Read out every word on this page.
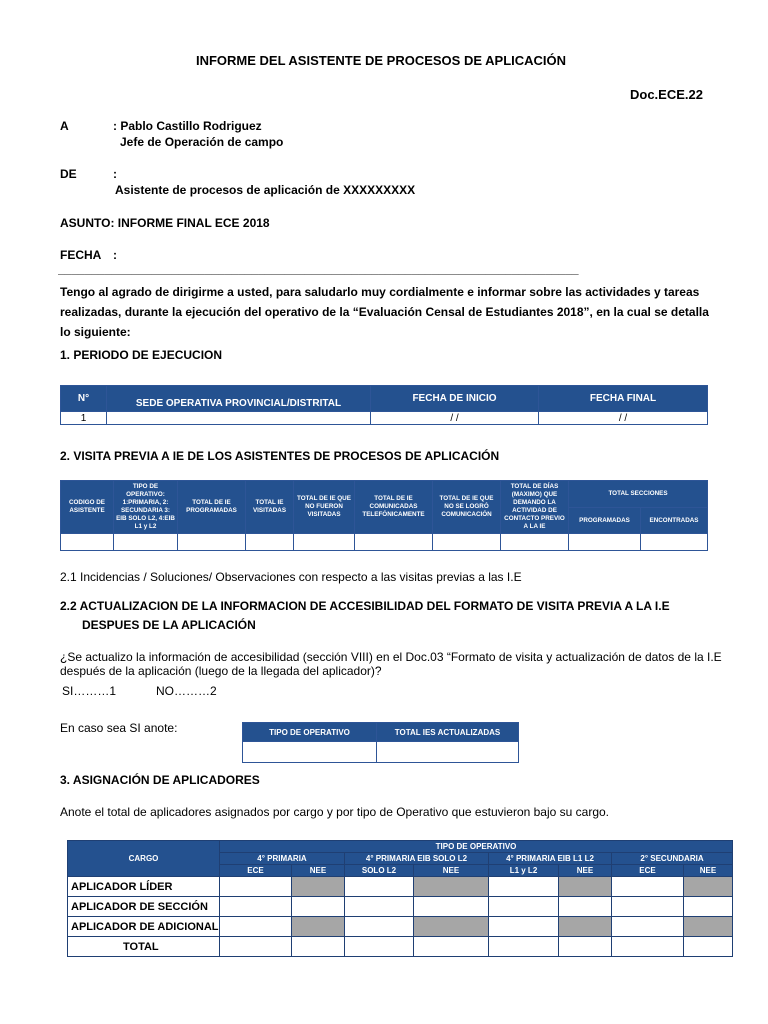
INFORME DEL ASISTENTE DE PROCESOS DE APLICACIÓN
Doc.ECE.22
A	: Pablo Castillo Rodriguez
Jefe de Operación de campo
DE	:
Asistente de procesos de aplicación de XXXXXXXXX
ASUNTO: INFORME FINAL ECE 2018
FECHA :
______________________________________________________________________________
Tengo al agrado de dirigirme a usted, para saludarlo muy cordialmente e informar sobre las actividades y tareas realizadas, durante la ejecución del operativo de la “Evaluación Censal de Estudiantes 2018”, en la cual se detalla lo siguiente:
1. PERIODO DE EJECUCION
N°	SEDE OPERATIVA PROVINCIAL/DISTRITAL	FECHA DE INICIO	FECHA FINAL
1		/ /	/ /
2. VISITA PREVIA A IE DE LOS ASISTENTES DE PROCESOS DE APLICACIÓN
CODIGO DE ASISTENTE	TIPO DE OPERATIVO: 1:PRIMARIA, 2: SECUNDARIA 3: EIB SOLO L2, 4:EIB L1 y L2	TOTAL DE IE PROGRAMADAS	TOTAL IE VISITADAS	TOTAL DE IE QUE NO FUERON VISITADAS	TOTAL DE IE COMUNICADAS TELEFÓNICAMENTE	TOTAL DE IE QUE NO SE LOGRÓ COMUNICACIÓN	TOTAL DE DÍAS (MAXIMO) QUE DEMANDO LA ACTIVIDAD DE CONTACTO PREVIO A LA IE	TOTAL SECCIONES	
								PROGRAMADAS	ENCONTRADAS

2.1 Incidencias / Soluciones/ Observaciones con respecto a las visitas previas a las I.E
2.2 ACTUALIZACION DE LA INFORMACION DE ACCESIBILIDAD DEL FORMATO DE VISITA PREVIA A LA I.E
DESPUES DE LA APLICACIÓN
¿Se actualizo la información de accesibilidad (sección VIII) en el Doc.03 “Formato de visita y actualización de datos de la I.E
después de la aplicación (luego de la llegada del aplicador)?
SI………1	NO………2
En caso sea SI anote:	TIPO DE OPERATIVO	TOTAL IES ACTUALIZADAS

3. ASIGNACIÓN DE APLICADORES
Anote el total de aplicadores asignados por cargo y por tipo de Operativo que estuvieron bajo su cargo.
CARGO	TIPO DE OPERATIVO							
	4° PRIMARIA		4° PRIMARIA EIB SOLO L2		4° PRIMARIA EIB L1 L2		2° SECUNDARIA	
	ECE	NEE	SOLO L2	NEE	L1 y L2	NEE	ECE	NEE
APLICADOR LÍDER								
APLICADOR DE SECCIÓN								
APLICADOR DE ADICIONAL								
TOTAL								
